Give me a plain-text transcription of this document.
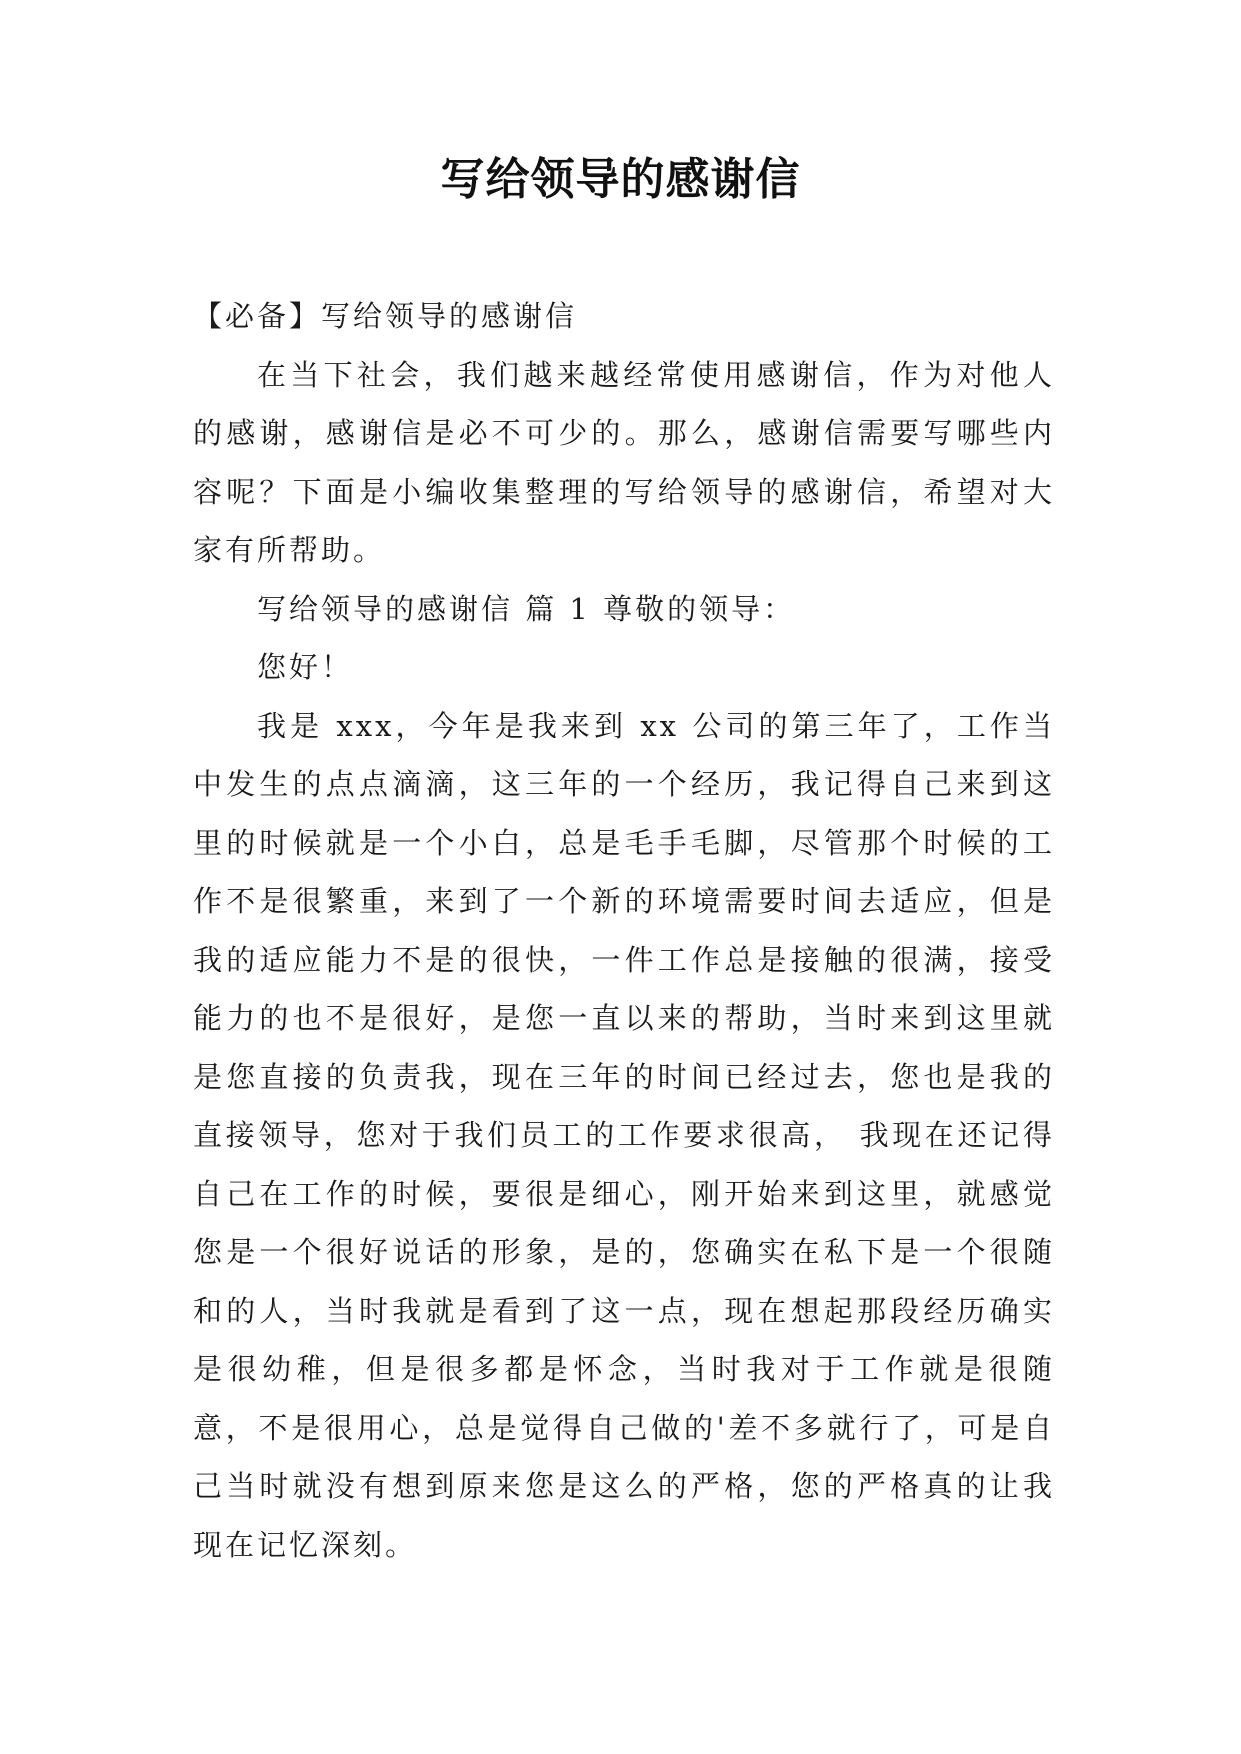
写给领导的感谢信

【必备】写给领导的感谢信

在当下社会，我们越来越经常使用感谢信，作为对他人的感谢，感谢信是必不可少的。那么，感谢信需要写哪些内容呢？下面是小编收集整理的写给领导的感谢信，希望对大家有所帮助。

写给领导的感谢信 篇 1 尊敬的领导：

您好！

我是 xxx，今年是我来到 xx 公司的第三年了，工作当中发生的点点滴滴，这三年的一个经历，我记得自己来到这里的时候就是一个小白，总是毛手毛脚，尽管那个时候的工作不是很繁重，来到了一个新的环境需要时间去适应，但是我的适应能力不是的很快，一件工作总是接触的很满，接受能力的也不是很好，是您一直以来的帮助，当时来到这里就是您直接的负责我，现在三年的时间已经过去，您也是我的直接领导，您对于我们员工的工作要求很高， 我现在还记得自己在工作的时候，要很是细心，刚开始来到这里，就感觉您是一个很好说话的形象，是的，您确实在私下是一个很随和的人，当时我就是看到了这一点，现在想起那段经历确实是很幼稚，但是很多都是怀念，当时我对于工作就是很随意，不是很用心，总是觉得自己做的'差不多就行了，可是自己当时就没有想到原来您是这么的严格，您的严格真的让我现在记忆深刻。
